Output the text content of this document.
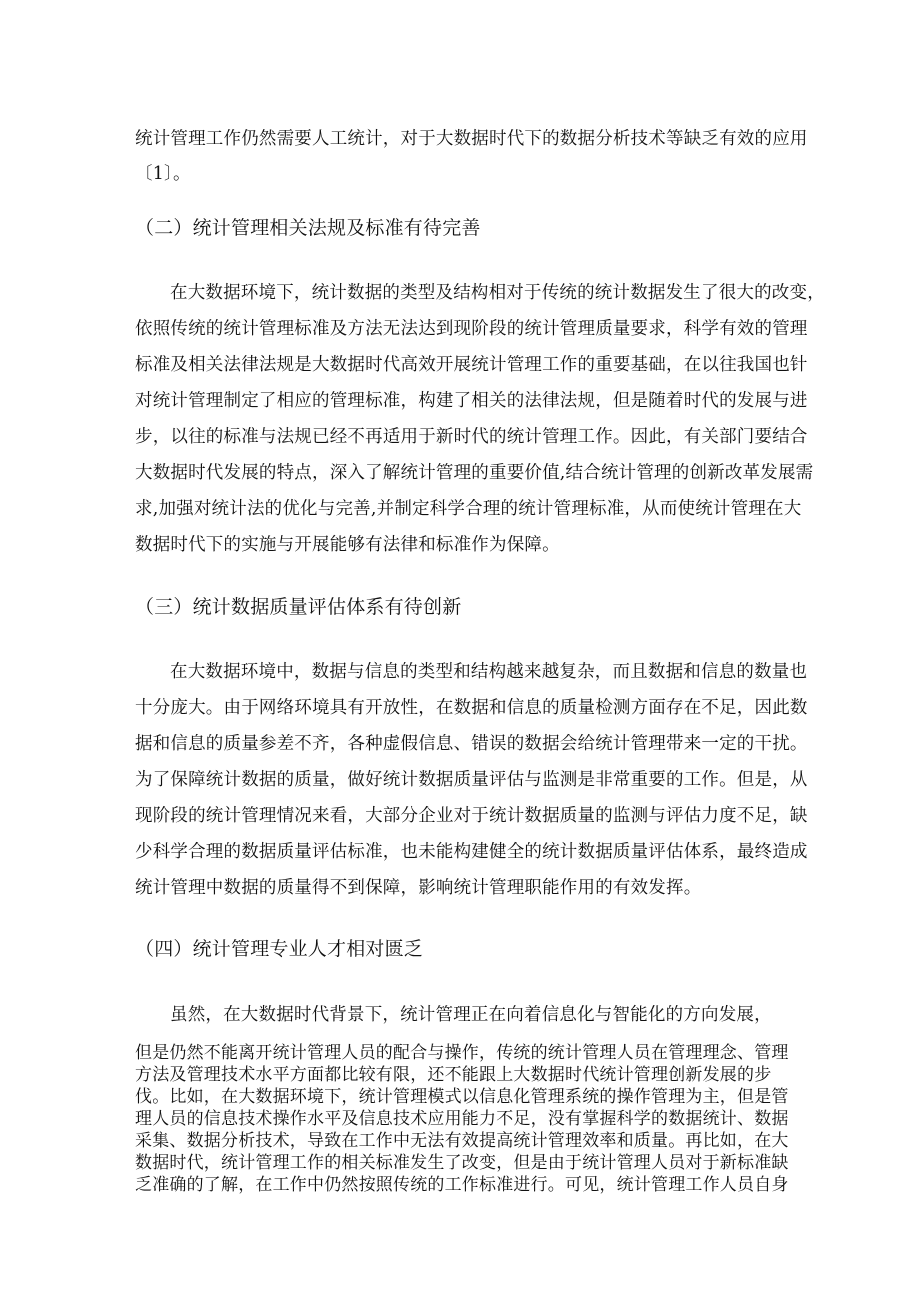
统计管理工作仍然需要人工统计，对于大数据时代下的数据分析技术等缺乏有效的应用
〔1〕。
（二）统计管理相关法规及标准有待完善
在大数据环境下，统计数据的类型及结构相对于传统的统计数据发生了很大的改变，
依照传统的统计管理标准及方法无法达到现阶段的统计管理质量要求，科学有效的管理
标准及相关法律法规是大数据时代高效开展统计管理工作的重要基础，在以往我国也针
对统计管理制定了相应的管理标准，构建了相关的法律法规，但是随着时代的发展与进
步，以往的标准与法规已经不再适用于新时代的统计管理工作。因此，有关部门要结合
大数据时代发展的特点，深入了解统计管理的重要价值,结合统计管理的创新改革发展需
求,加强对统计法的优化与完善,并制定科学合理的统计管理标准，从而使统计管理在大
数据时代下的实施与开展能够有法律和标准作为保障。
（三）统计数据质量评估体系有待创新
在大数据环境中，数据与信息的类型和结构越来越复杂，而且数据和信息的数量也
十分庞大。由于网络环境具有开放性，在数据和信息的质量检测方面存在不足，因此数
据和信息的质量参差不齐，各种虚假信息、错误的数据会给统计管理带来一定的干扰。
为了保障统计数据的质量，做好统计数据质量评估与监测是非常重要的工作。但是，从
现阶段的统计管理情况来看，大部分企业对于统计数据质量的监测与评估力度不足，缺
少科学合理的数据质量评估标准，也未能构建健全的统计数据质量评估体系，最终造成
统计管理中数据的质量得不到保障，影响统计管理职能作用的有效发挥。
（四）统计管理专业人才相对匮乏
虽然，在大数据时代背景下，统计管理正在向着信息化与智能化的方向发展，
但是仍然不能离开统计管理人员的配合与操作，传统的统计管理人员在管理理念、管理
方法及管理技术水平方面都比较有限，还不能跟上大数据时代统计管理创新发展的步
伐。比如，在大数据环境下，统计管理模式以信息化管理系统的操作管理为主，但是管
理人员的信息技术操作水平及信息技术应用能力不足，没有掌握科学的数据统计、数据
采集、数据分析技术，导致在工作中无法有效提高统计管理效率和质量。再比如，在大
数据时代，统计管理工作的相关标准发生了改变，但是由于统计管理人员对于新标准缺
乏准确的了解，在工作中仍然按照传统的工作标准进行。可见，统计管理工作人员自身
